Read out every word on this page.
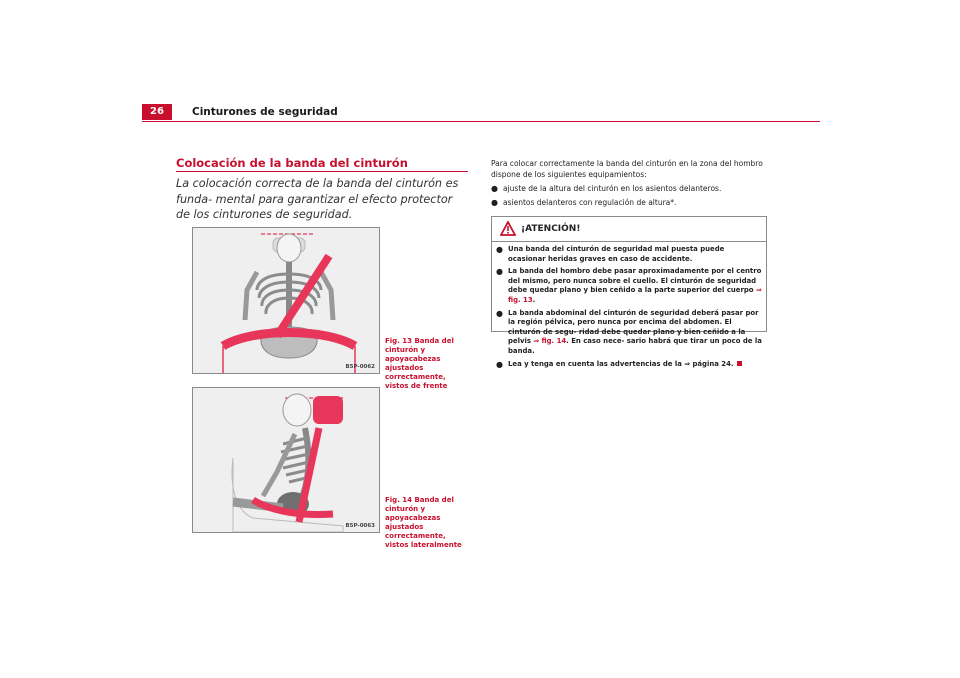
26	Cinturones de seguridad
Colocación de la banda del cinturón
La colocación correcta de la banda del cinturón es funda- mental para garantizar el efecto protector de los cinturones de seguridad.
B5P-0062
Fig. 13 Banda del cinturón y apoyacabezas ajustados correctamente, vistos de frente
B5P-0063
Fig. 14 Banda del cinturón y apoyacabezas ajustados correctamente, vistos lateralmente
Para colocar correctamente la banda del cinturón en la zona del hombro dispone de los siguientes equipamientos:
● ajuste de la altura del cinturón en los asientos delanteros.
● asientos delanteros con regulación de altura*.
¡ATENCIÓN!
● Una banda del cinturón de seguridad mal puesta puede ocasionar heridas graves en caso de accidente.
● La banda del hombro debe pasar aproximadamente por el centro del mismo, pero nunca sobre el cuello. El cinturón de seguridad debe quedar plano y bien ceñido a la parte superior del cuerpo ⇒ fig. 13.
● La banda abdominal del cinturón de seguridad deberá pasar por la región pélvica, pero nunca por encima del abdomen. El cinturón de segu- ridad debe quedar plano y bien ceñido a la pelvis ⇒ fig. 14. En caso nece- sario habrá que tirar un poco de la banda.
● Lea y tenga en cuenta las advertencias de la ⇒ página 24.
